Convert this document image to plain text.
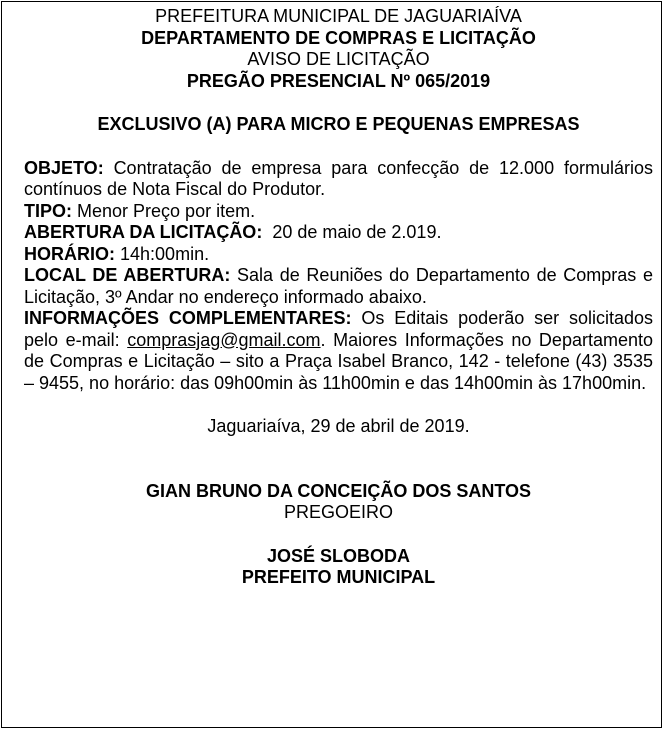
PREFEITURA MUNICIPAL DE JAGUARIAÍVA
DEPARTAMENTO DE COMPRAS E LICITAÇÃO
AVISO DE LICITAÇÃO
PREGÃO PRESENCIAL Nº 065/2019
EXCLUSIVO (A) PARA MICRO E PEQUENAS EMPRESAS
OBJETO: Contratação de empresa para confecção de 12.000 formulários contínuos de Nota Fiscal do Produtor.
TIPO: Menor Preço por item.
ABERTURA DA LICITAÇÃO: 20 de maio de 2.019.
HORÁRIO: 14h:00min.
LOCAL DE ABERTURA: Sala de Reuniões do Departamento de Compras e Licitação, 3º Andar no endereço informado abaixo.
INFORMAÇÕES COMPLEMENTARES: Os Editais poderão ser solicitados pelo e-mail: comprasjag@gmail.com. Maiores Informações no Departamento de Compras e Licitação – sito a Praça Isabel Branco, 142 - telefone (43) 3535 – 9455, no horário: das 09h00min às 11h00min e das 14h00min às 17h00min.
Jaguariaíva, 29 de abril de 2019.
GIAN BRUNO DA CONCEIÇÃO DOS SANTOS
PREGOEIRO
JOSÉ SLOBODA
PREFEITO MUNICIPAL
